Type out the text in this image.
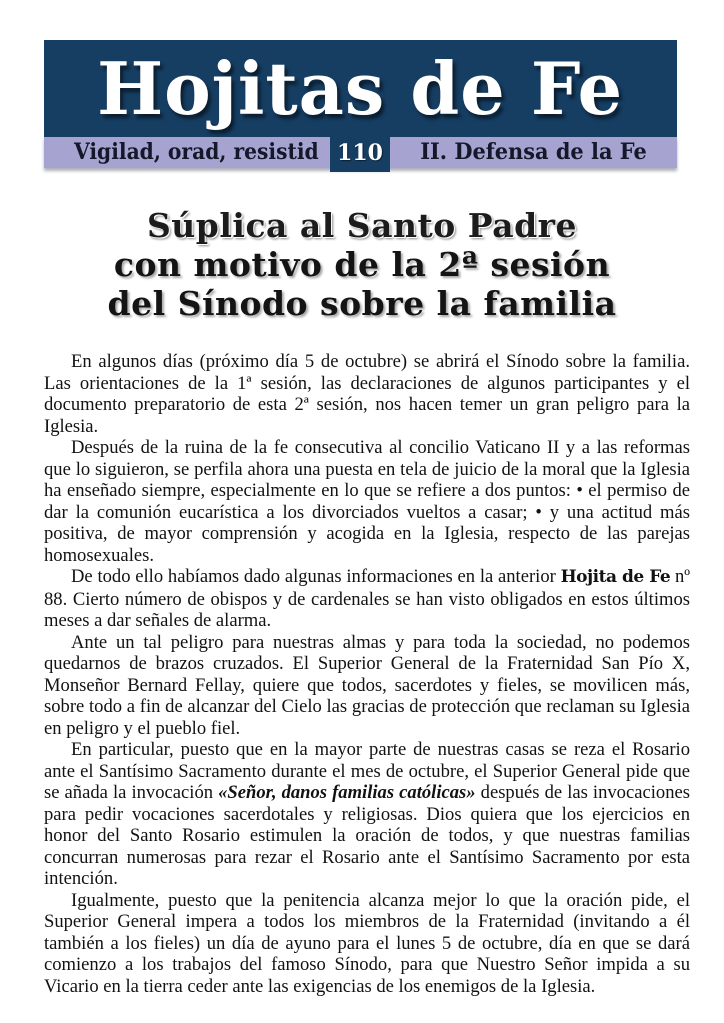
Hojitas de Fe
Vigilad, orad, resistid 110	II. Defensa de la Fe
Súplica al Santo Padre
con motivo de la 2ª sesión
del Sínodo sobre la familia

En algunos días (próximo día 5 de octubre) se abrirá el Sínodo sobre la familia. Las orientaciones de la 1ª sesión, las declaraciones de algunos participantes y el documento preparatorio de esta 2ª sesión, nos hacen temer un gran peligro para la Iglesia.

Después de la ruina de la fe consecutiva al concilio Vaticano II y a las reformas que lo siguieron, se perfila ahora una puesta en tela de juicio de la moral que la Iglesia ha enseñado siempre, especialmente en lo que se refiere a dos puntos: • el permiso de dar la comunión eucarística a los divorciados vueltos a casar; • y una actitud más positiva, de mayor comprensión y acogida en la Iglesia, respecto de las parejas homosexuales.

De todo ello habíamos dado algunas informaciones en la anterior Hojita de Fe nº 88. Cierto número de obispos y de cardenales se han visto obligados en estos últimos meses a dar señales de alarma.

Ante un tal peligro para nuestras almas y para toda la sociedad, no podemos quedarnos de brazos cruzados. El Superior General de la Fraternidad San Pío X, Monseñor Bernard Fellay, quiere que todos, sacerdotes y fieles, se movilicen más, sobre todo a fin de alcanzar del Cielo las gracias de protección que reclaman su Iglesia en peligro y el pueblo fiel.

En particular, puesto que en la mayor parte de nuestras casas se reza el Rosario ante el Santísimo Sacramento durante el mes de octubre, el Superior General pide que se añada la invocación «Señor, danos familias católicas» después de las invocaciones para pedir vocaciones sacerdotales y religiosas. Dios quiera que los ejercicios en honor del Santo Rosario estimulen la oración de todos, y que nuestras familias concurran numerosas para rezar el Rosario ante el Santísimo Sacramento por esta intención.

Igualmente, puesto que la penitencia alcanza mejor lo que la oración pide, el Superior General impera a todos los miembros de la Fraternidad (invitando a él también a los fieles) un día de ayuno para el lunes 5 de octubre, día en que se dará comienzo a los trabajos del famoso Sínodo, para que Nuestro Señor impida a su Vicario en la tierra ceder ante las exigencias de los enemigos de la Iglesia.
